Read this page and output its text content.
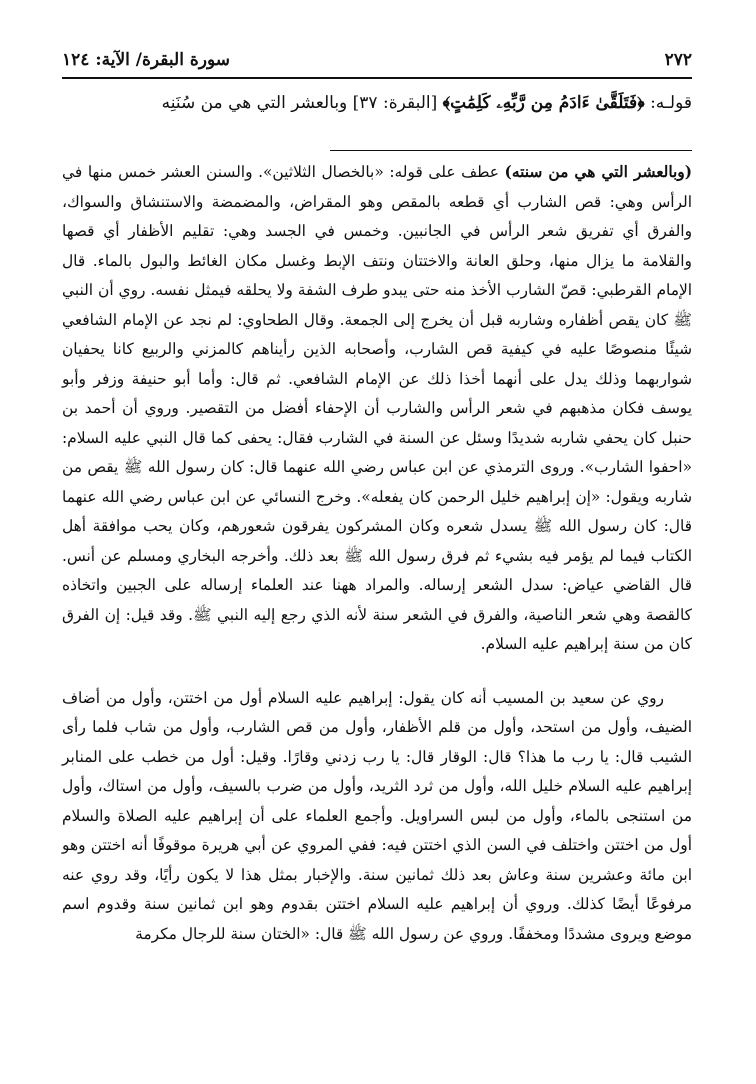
٢٧٢
سورة البقرة/ الآية: ١٢٤
قولـه: ﴿فَتَلَقَّىٰ ءَادَمُ مِن رَّبِّهِۦ كَلِمَٰتٍ﴾ [البقرة: ٣٧] وبالعشر التي هي من سُنَنِه

(وبالعشر التي هي من سنته) عطف على قوله: «بالخصال الثلاثين». والسنن العشر خمس منها في الرأس وهي: قص الشارب أي قطعه بالمقص وهو المقراض، والمضمضة والاستنشاق والسواك، والفرق أي تفريق شعر الرأس في الجانبين. وخمس في الجسد وهي: تقليم الأظفار أي قصها والقلامة ما يزال منها، وحلق العانة والاختتان ونتف الإبط وغسل مكان الغائط والبول بالماء. قال الإمام القرطبي: قصّ الشارب الأخذ منه حتى يبدو طرف الشفة ولا يحلقه فيمثل نفسه. روي أن النبي ﷺ كان يقص أظفاره وشاربه قبل أن يخرج إلى الجمعة. وقال الطحاوي: لم نجد عن الإمام الشافعي شيئًا منصوصًا عليه في كيفية قص الشارب، وأصحابه الذين رأيناهم كالمزني والربيع كانا يحفيان شواربهما وذلك يدل على أنهما أخذا ذلك عن الإمام الشافعي. ثم قال: وأما أبو حنيفة وزفر وأبو يوسف فكان مذهبهم في شعر الرأس والشارب أن الإحفاء أفضل من التقصير. وروي أن أحمد بن حنبل كان يحفي شاربه شديدًا وسئل عن السنة في الشارب فقال: يحفى كما قال النبي عليه السلام: «احفوا الشارب». وروى الترمذي عن ابن عباس رضي الله عنهما قال: كان رسول الله ﷺ يقص من شاربه ويقول: «إن إبراهيم خليل الرحمن كان يفعله». وخرج النسائي عن ابن عباس رضي الله عنهما قال: كان رسول الله ﷺ يسدل شعره وكان المشركون يفرقون شعورهم، وكان يحب موافقة أهل الكتاب فيما لم يؤمر فيه بشيء ثم فرق رسول الله ﷺ بعد ذلك. وأخرجه البخاري ومسلم عن أنس. قال القاضي عياض: سدل الشعر إرساله. والمراد ههنا عند العلماء إرساله على الجبين واتخاذه كالقصة وهي شعر الناصية، والفرق في الشعر سنة لأنه الذي رجع إليه النبي ﷺ. وقد قيل: إن الفرق كان من سنة إبراهيم عليه السلام.

روي عن سعيد بن المسيب أنه كان يقول: إبراهيم عليه السلام أول من اختتن، وأول من أضاف الضيف، وأول من استحد، وأول من قلم الأظفار، وأول من قص الشارب، وأول من شاب فلما رأى الشيب قال: يا رب ما هذا؟ قال: الوقار قال: يا رب زدني وقارًا. وقيل: أول من خطب على المنابر إبراهيم عليه السلام خليل الله، وأول من ثرد الثريد، وأول من ضرب بالسيف، وأول من استاك، وأول من استنجى بالماء، وأول من لبس السراويل. وأجمع العلماء على أن إبراهيم عليه الصلاة والسلام أول من اختتن واختلف في السن الذي اختتن فيه: ففي المروي عن أبي هريرة موقوفًا أنه اختتن وهو ابن مائة وعشرين سنة وعاش بعد ذلك ثمانين سنة. والإخبار بمثل هذا لا يكون رأيًا، وقد روي عنه مرفوعًا أيضًا كذلك. وروي أن إبراهيم عليه السلام اختتن بقدوم وهو ابن ثمانين سنة وقدوم اسم موضع ويروى مشددًا ومخففًا. وروي عن رسول الله ﷺ قال: «الختان سنة للرجال مكرمة
